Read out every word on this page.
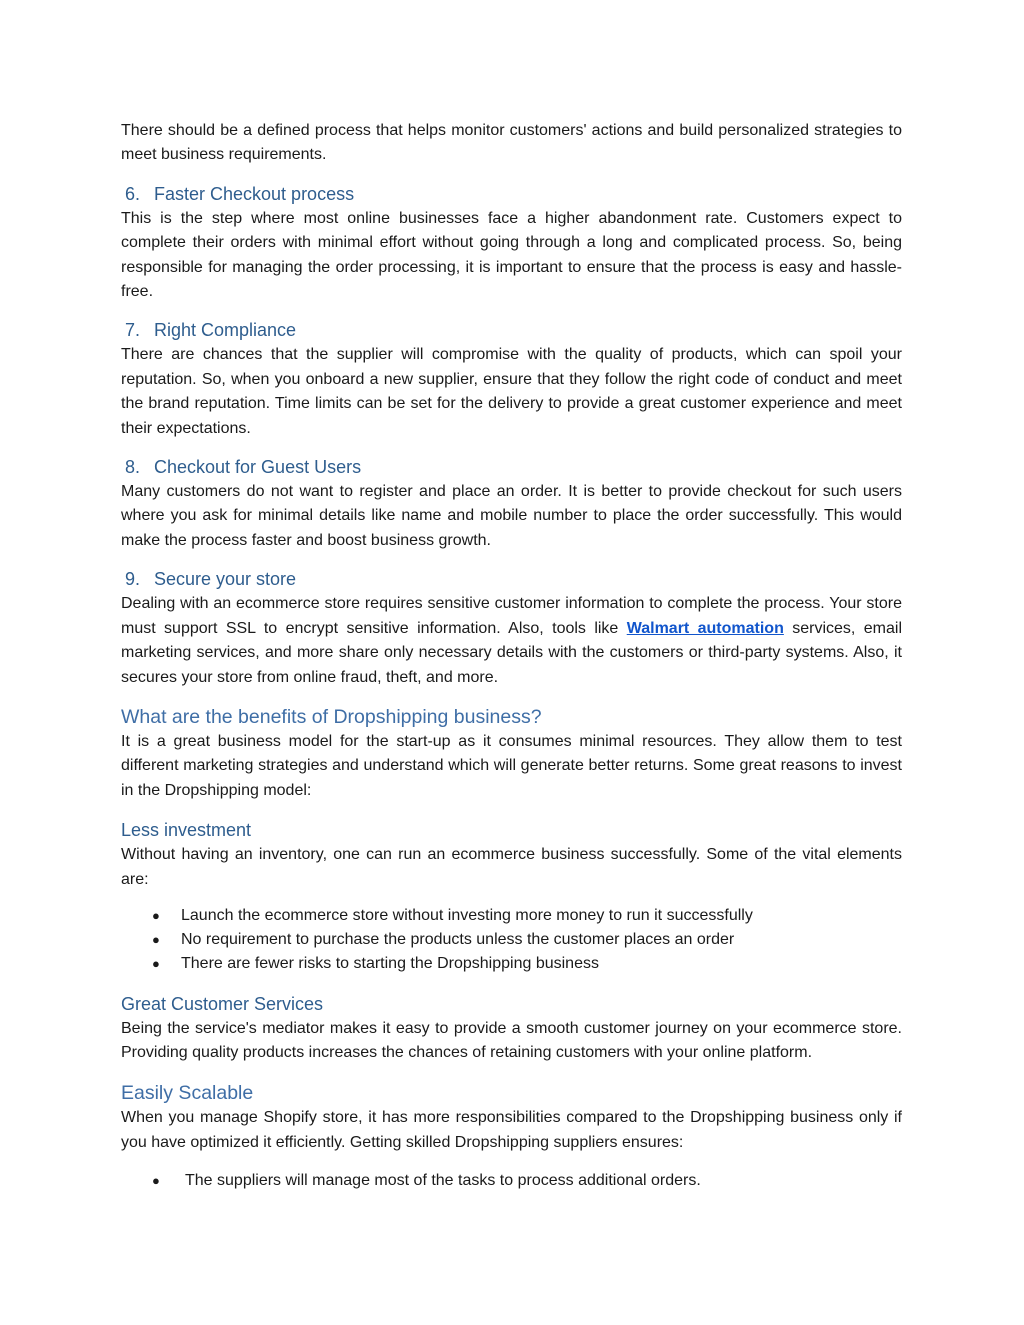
There should be a defined process that helps monitor customers' actions and build personalized strategies to meet business requirements.

6. Faster Checkout process

This is the step where most online businesses face a higher abandonment rate. Customers expect to complete their orders with minimal effort without going through a long and complicated process. So, being responsible for managing the order processing, it is important to ensure that the process is easy and hassle-free.

7. Right Compliance

There are chances that the supplier will compromise with the quality of products, which can spoil your reputation. So, when you onboard a new supplier, ensure that they follow the right code of conduct and meet the brand reputation. Time limits can be set for the delivery to provide a great customer experience and meet their expectations.

8. Checkout for Guest Users

Many customers do not want to register and place an order. It is better to provide checkout for such users where you ask for minimal details like name and mobile number to place the order successfully. This would make the process faster and boost business growth.

9. Secure your store

Dealing with an ecommerce store requires sensitive customer information to complete the process. Your store must support SSL to encrypt sensitive information. Also, tools like Walmart automation services, email marketing services, and more share only necessary details with the customers or third-party systems. Also, it secures your store from online fraud, theft, and more.

What are the benefits of Dropshipping business?

It is a great business model for the start-up as it consumes minimal resources. They allow them to test different marketing strategies and understand which will generate better returns. Some great reasons to invest in the Dropshipping model:

Less investment

Without having an inventory, one can run an ecommerce business successfully. Some of the vital elements are:

● Launch the ecommerce store without investing more money to run it successfully
● No requirement to purchase the products unless the customer places an order
● There are fewer risks to starting the Dropshipping business
Great Customer Services

Being the service's mediator makes it easy to provide a smooth customer journey on your ecommerce store. Providing quality products increases the chances of retaining customers with your online platform.

Easily Scalable

When you manage Shopify store, it has more responsibilities compared to the Dropshipping business only if you have optimized it efficiently. Getting skilled Dropshipping suppliers ensures:

● The suppliers will manage most of the tasks to process additional orders.
